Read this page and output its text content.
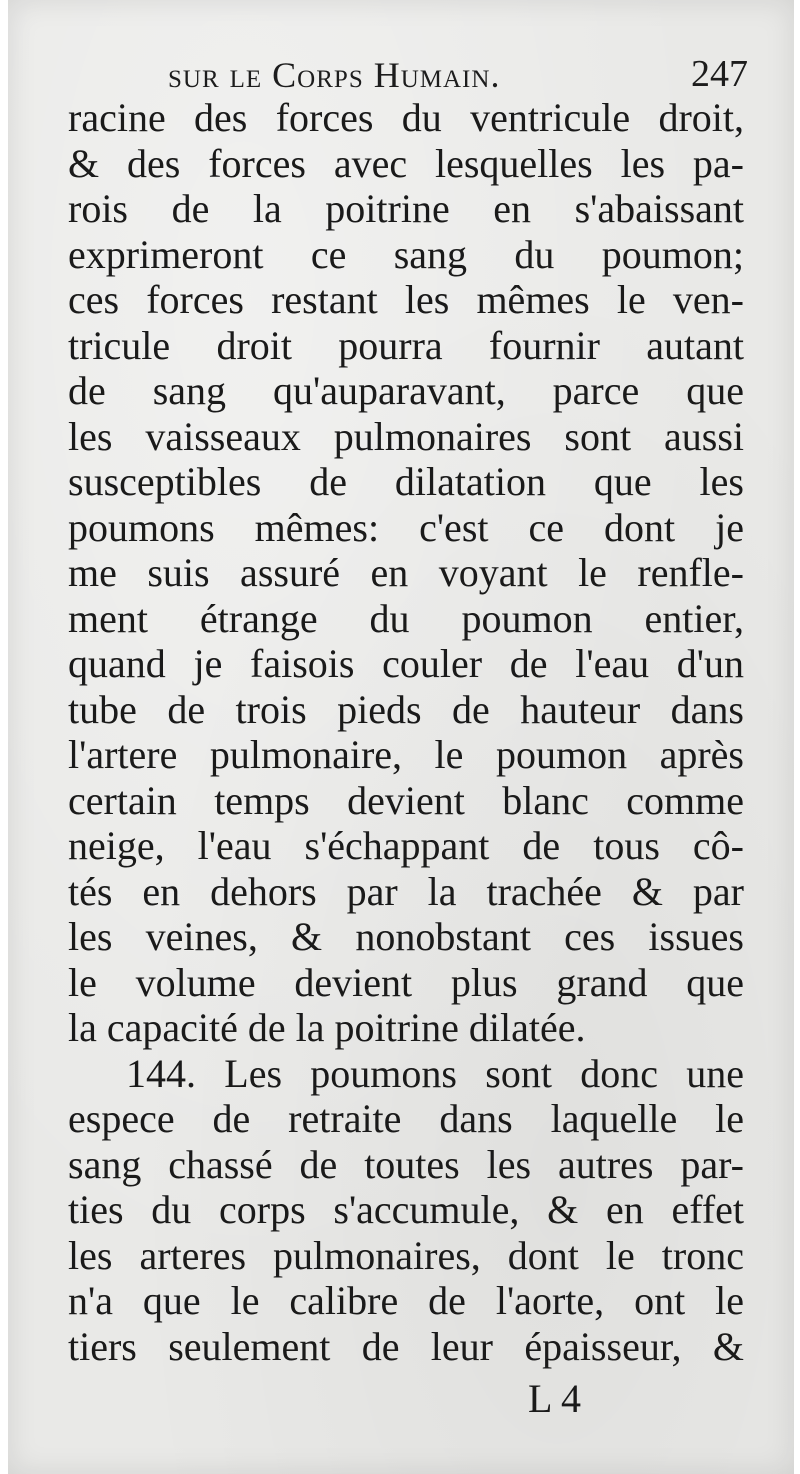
sur le Corps Humain.	247
racine des forces du ventricule droit,
& des forces avec lesquelles les pa-
rois de la poitrine en s'abaissant
exprimeront ce sang du poumon;
ces forces restant les mêmes le ven-
tricule droit pourra fournir autant
de sang qu'auparavant, parce que
les vaisseaux pulmonaires sont aussi
susceptibles de dilatation que les
poumons mêmes: c'est ce dont je
me suis assuré en voyant le renfle-
ment étrange du poumon entier,
quand je faisois couler de l'eau d'un
tube de trois pieds de hauteur dans
l'artere pulmonaire, le poumon après
certain temps devient blanc comme
neige, l'eau s'échappant de tous cô-
tés en dehors par la trachée & par
les veines, & nonobstant ces issues
le volume devient plus grand que
la capacité de la poitrine dilatée.
144. Les poumons sont donc une
espece de retraite dans laquelle le
sang chassé de toutes les autres par-
ties du corps s'accumule, & en effet
les arteres pulmonaires, dont le tronc
n'a que le calibre de l'aorte, ont le
tiers seulement de leur épaisseur, &
L 4
